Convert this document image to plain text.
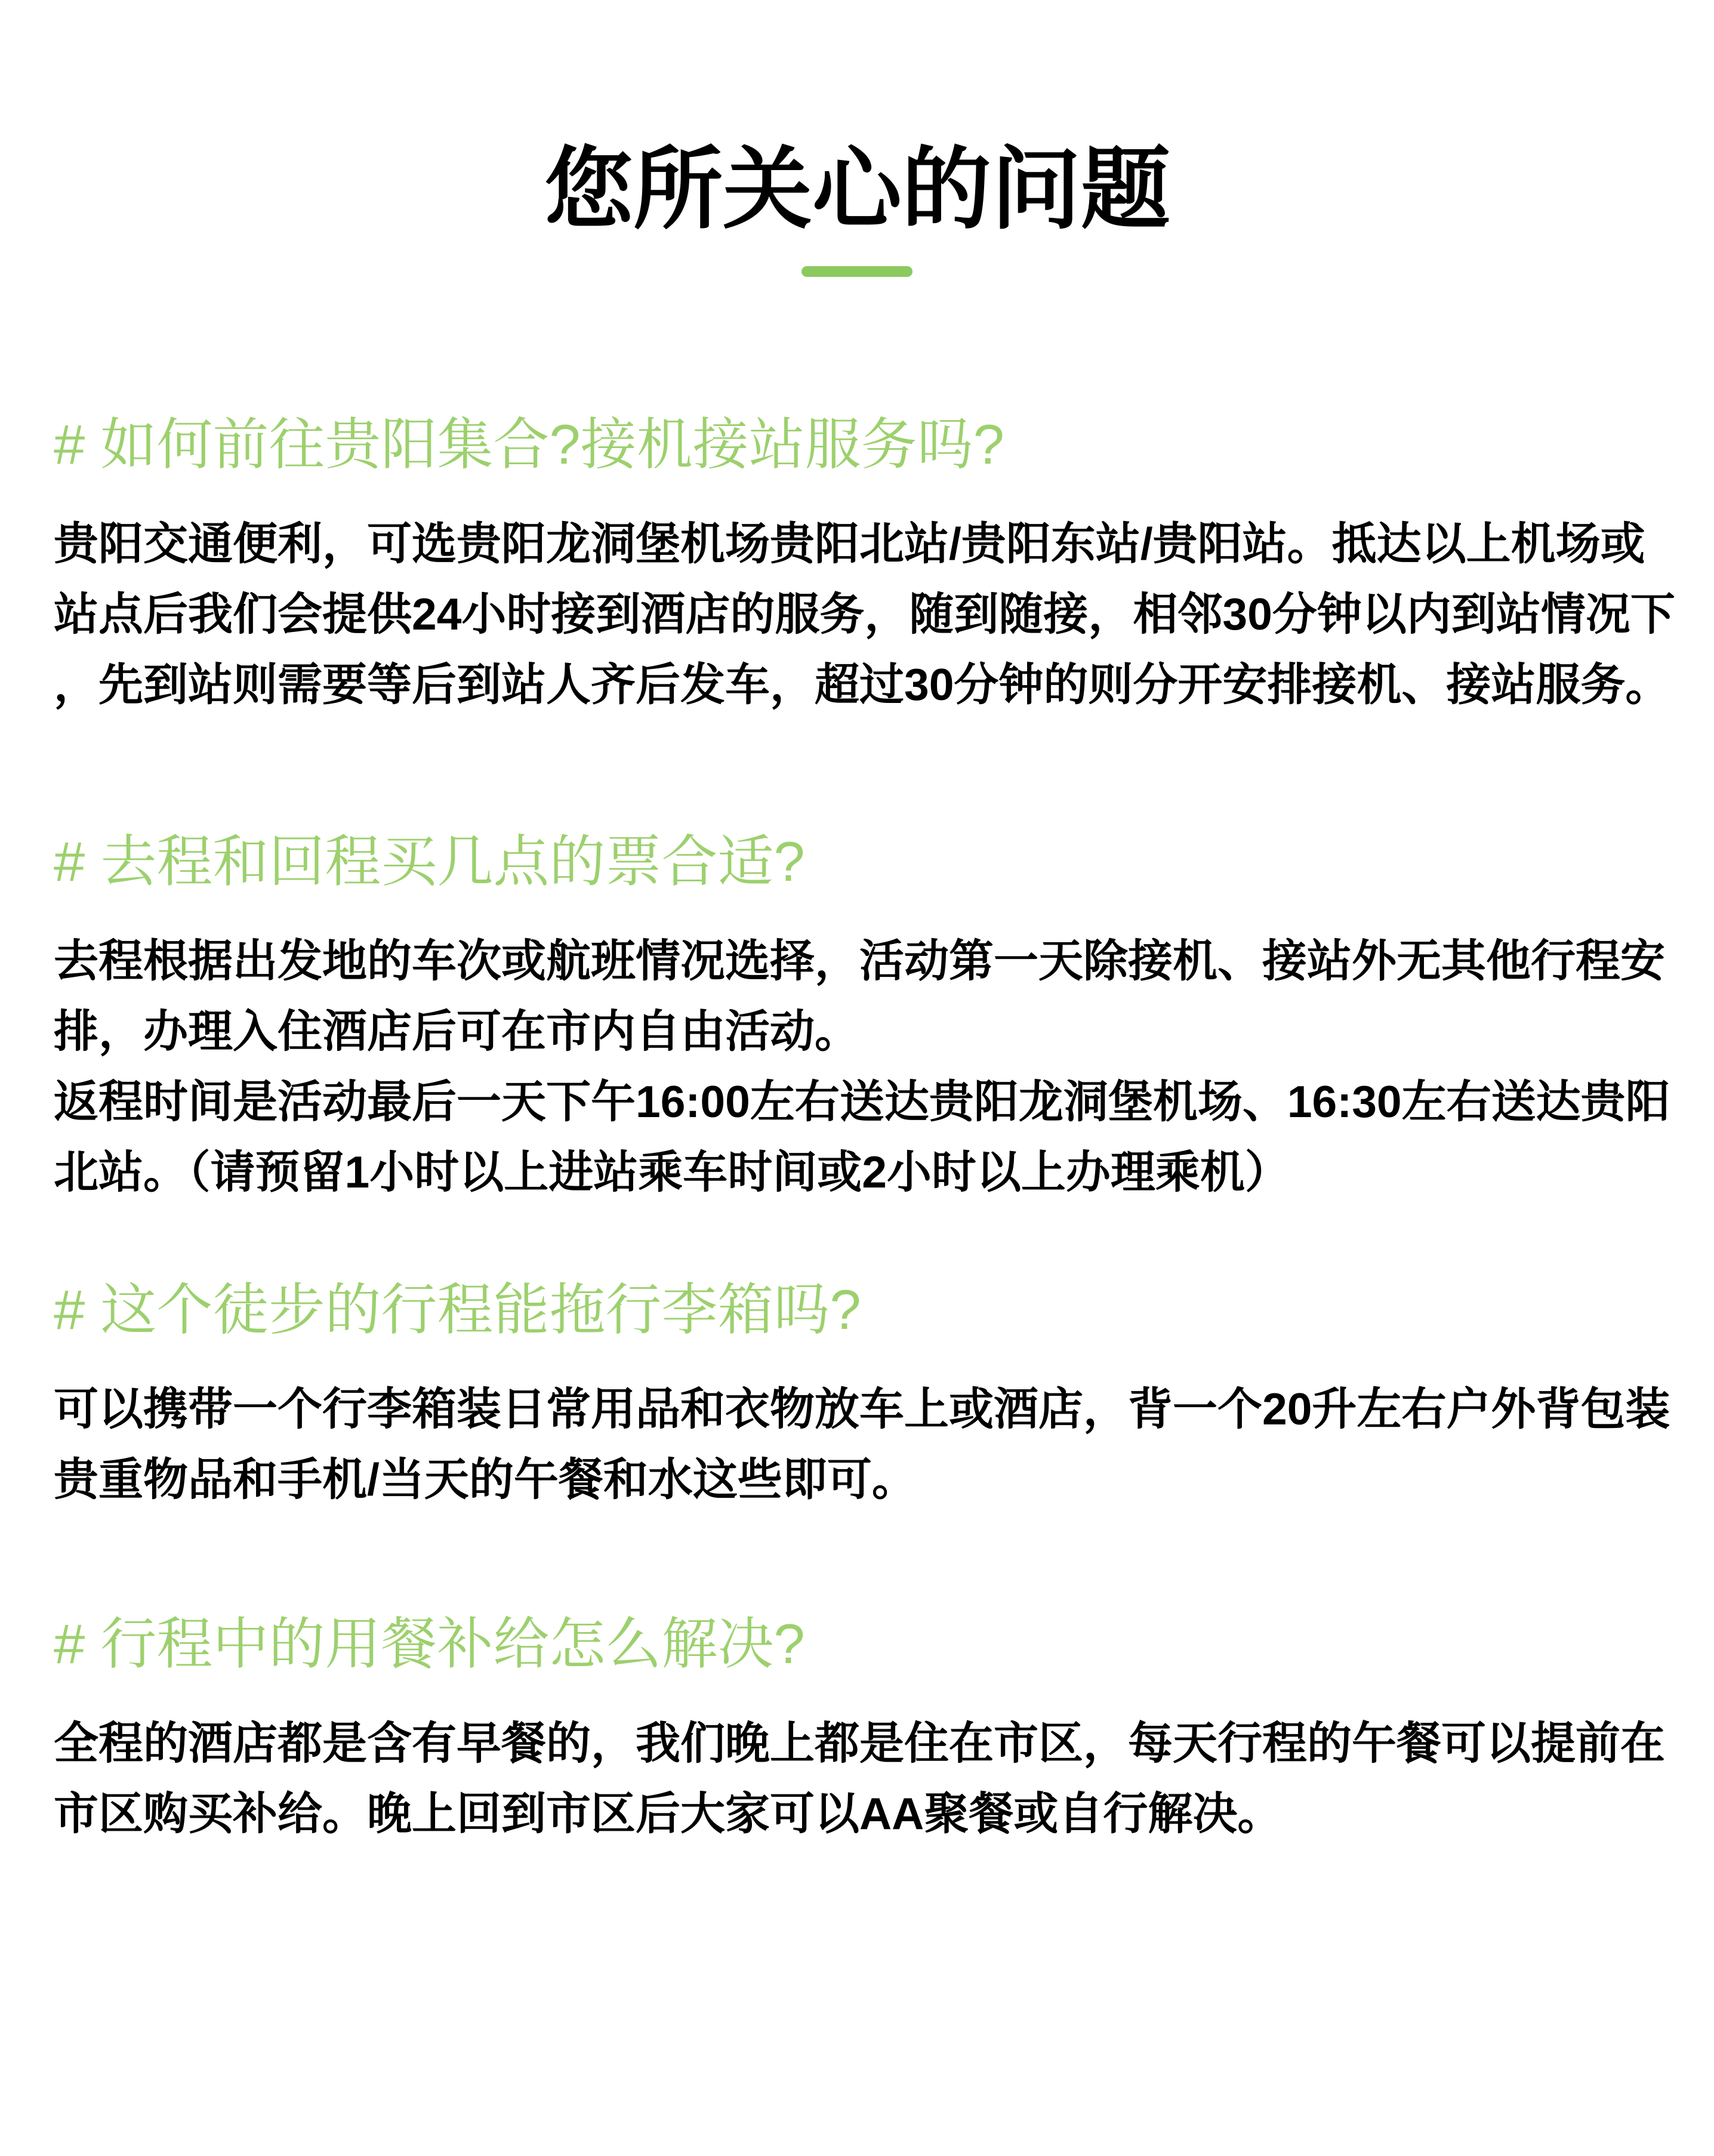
您所关心的问题
# 如何前往贵阳集合?接机接站服务吗?
贵阳交通便利，可选贵阳龙洞堡机场贵阳北站/贵阳东站/贵阳站。抵达以上机场或
站点后我们会提供24小时接到酒店的服务，随到随接，相邻30分钟以内到站情况下
，先到站则需要等后到站人齐后发车，超过30分钟的则分开安排接机、接站服务。
# 去程和回程买几点的票合适?
去程根据出发地的车次或航班情况选择，活动第一天除接机、接站外无其他行程安
排，办理入住酒店后可在市内自由活动。
返程时间是活动最后一天下午16:00左右送达贵阳龙洞堡机场、16:30左右送达贵阳
北站。（请预留1小时以上进站乘车时间或2小时以上办理乘机）
# 这个徒步的行程能拖行李箱吗?
可以携带一个行李箱装日常用品和衣物放车上或酒店，背一个20升左右户外背包装
贵重物品和手机/当天的午餐和水这些即可。
# 行程中的用餐补给怎么解决?
全程的酒店都是含有早餐的，我们晚上都是住在市区，每天行程的午餐可以提前在
市区购买补给。晚上回到市区后大家可以AA聚餐或自行解决。
